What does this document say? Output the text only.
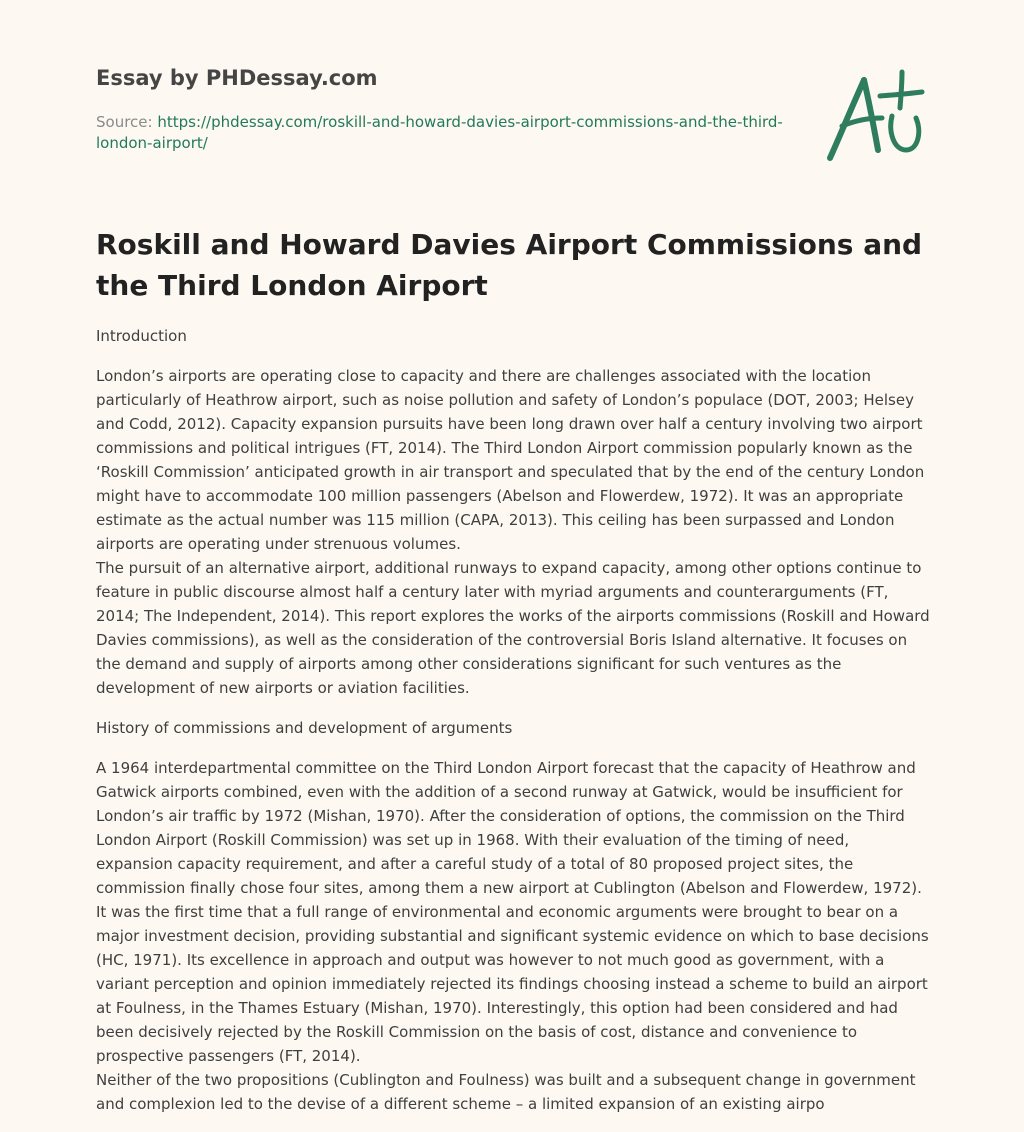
Essay by PHDessay.com

Source: https://phdessay.com/roskill-and-howard-davies-airport-commissions-and-the-third-london-airport/
Roskill and Howard Davies Airport Commissions and the Third London Airport

Introduction

London’s airports are operating close to capacity and there are challenges associated with the location particularly of Heathrow airport, such as noise pollution and safety of London’s populace (DOT, 2003; Helsey and Codd, 2012). Capacity expansion pursuits have been long drawn over half a century involving two airport commissions and political intrigues (FT, 2014). The Third London Airport commission popularly known as the ‘Roskill Commission’ anticipated growth in air transport and speculated that by the end of the century London might have to accommodate 100 million passengers (Abelson and Flowerdew, 1972). It was an appropriate estimate as the actual number was 115 million (CAPA, 2013). This ceiling has been surpassed and London airports are operating under strenuous volumes.

The pursuit of an alternative airport, additional runways to expand capacity, among other options continue to feature in public discourse almost half a century later with myriad arguments and counterarguments (FT, 2014; The Independent, 2014). This report explores the works of the airports commissions (Roskill and Howard Davies commissions), as well as the consideration of the controversial Boris Island alternative. It focuses on the demand and supply of airports among other considerations significant for such ventures as the development of new airports or aviation facilities.

History of commissions and development of arguments

A 1964 interdepartmental committee on the Third London Airport forecast that the capacity of Heathrow and Gatwick airports combined, even with the addition of a second runway at Gatwick, would be insufficient for London’s air traffic by 1972 (Mishan, 1970). After the consideration of options, the commission on the Third London Airport (Roskill Commission) was set up in 1968. With their evaluation of the timing of need, expansion capacity requirement, and after a careful study of a total of 80 proposed project sites, the commission finally chose four sites, among them a new airport at Cublington (Abelson and Flowerdew, 1972).

It was the first time that a full range of environmental and economic arguments were brought to bear on a major investment decision, providing substantial and significant systemic evidence on which to base decisions (HC, 1971). Its excellence in approach and output was however to not much good as government, with a variant perception and opinion immediately rejected its findings choosing instead a scheme to build an airport at Foulness, in the Thames Estuary (Mishan, 1970). Interestingly, this option had been considered and had been decisively rejected by the Roskill Commission on the basis of cost, distance and convenience to prospective passengers (FT, 2014).

Neither of the two propositions (Cublington and Foulness) was built and a subsequent change in government and complexion led to the devise of a different scheme – a limited expansion of an existing airpo
